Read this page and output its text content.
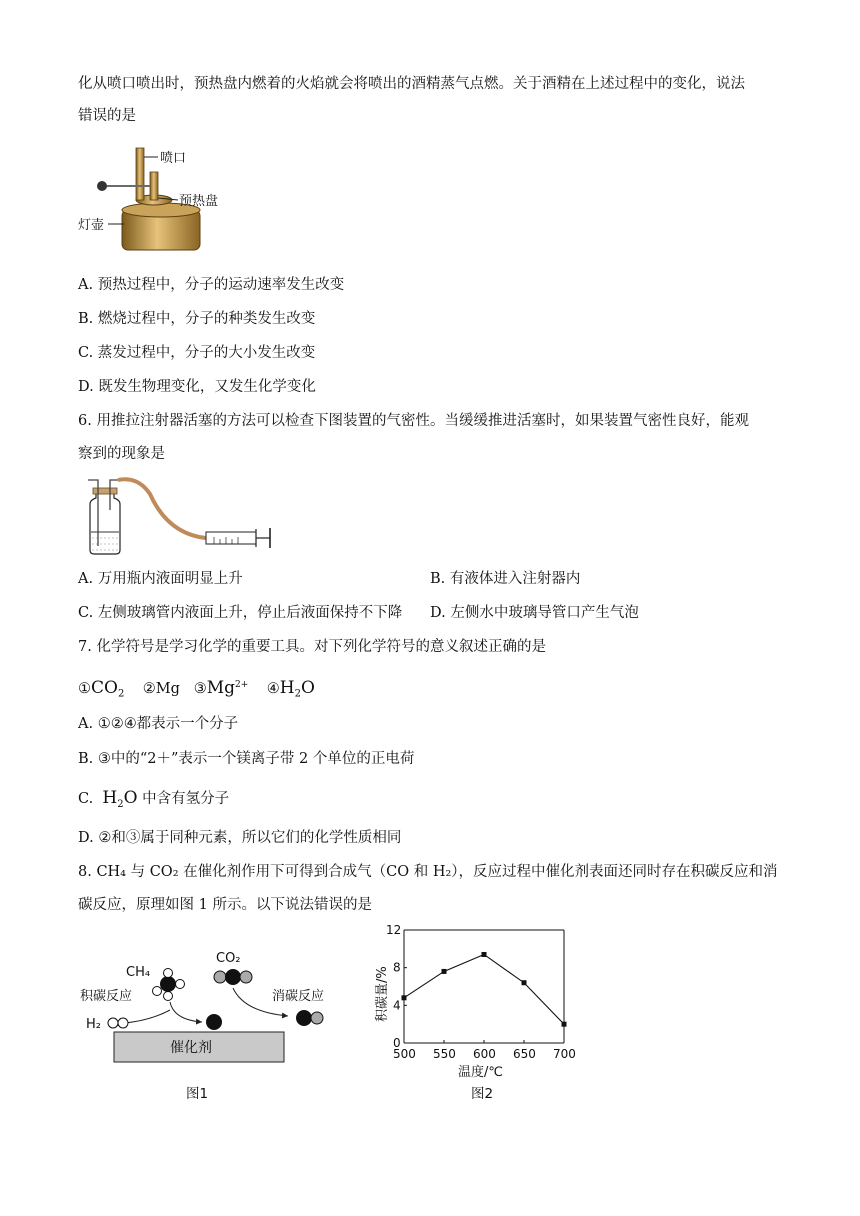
化从喷口喷出时，预热盘内燃着的火焰就会将喷出的酒精蒸气点燃。关于酒精在上述过程中的变化，说法
错误的是
喷口
预热盘
灯壶
A. 预热过程中，分子的运动速率发生改变
B. 燃烧过程中，分子的种类发生改变
C. 蒸发过程中，分子的大小发生改变
D. 既发生物理变化，又发生化学变化
6. 用推拉注射器活塞的方法可以检查下图装置的气密性。当缓缓推进活塞时，如果装置气密性良好，能观
察到的现象是
A. 万用瓶内液面明显上升	B. 有液体进入注射器内
C. 左侧玻璃管内液面上升，停止后液面保持不下降 D. 左侧水中玻璃导管口产生气泡
7. 化学符号是学习化学的重要工具。对下列化学符号的意义叙述正确的是
$①CO_2$ ②Mg $③Mg^{2+}$ $④H_2O$
A. ①②④都表示一个分子
B. ③中的“2＋”表示一个镁离子带 2 个单位的正电荷
C. $H_2O$ 中含有氢分子
D. ②和③属于同种元素，所以它们的化学性质相同
8. CH₄ 与 CO₂ 在催化剂作用下可得到合成气（CO 和 H₂），反应过程中催化剂表面还同时存在积碳反应和消
碳反应，原理如图 1 所示。以下说法错误的是
催化剂
CH₄
CO₂
积碳反应	消碳反应
H₂
图1
积碳量/%
温度/℃
500 550 600 650 700
0
4
8
12
图2
